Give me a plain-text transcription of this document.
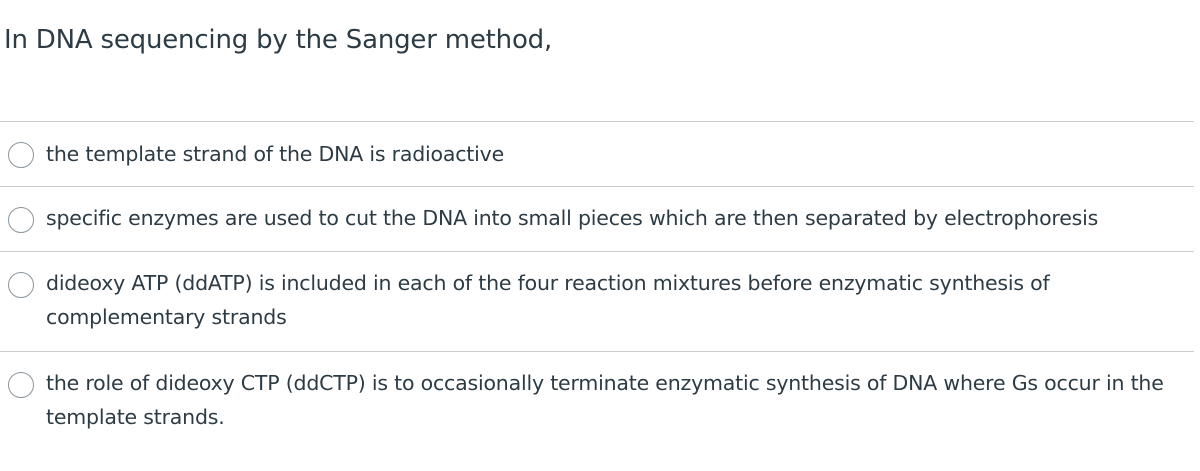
In DNA sequencing by the Sanger method,
the template strand of the DNA is radioactive
specific enzymes are used to cut the DNA into small pieces which are then separated by electrophoresis
dideoxy ATP (ddATP) is included in each of the four reaction mixtures before enzymatic synthesis of complementary strands
the role of dideoxy CTP (ddCTP) is to occasionally terminate enzymatic synthesis of DNA where Gs occur in the template strands.
